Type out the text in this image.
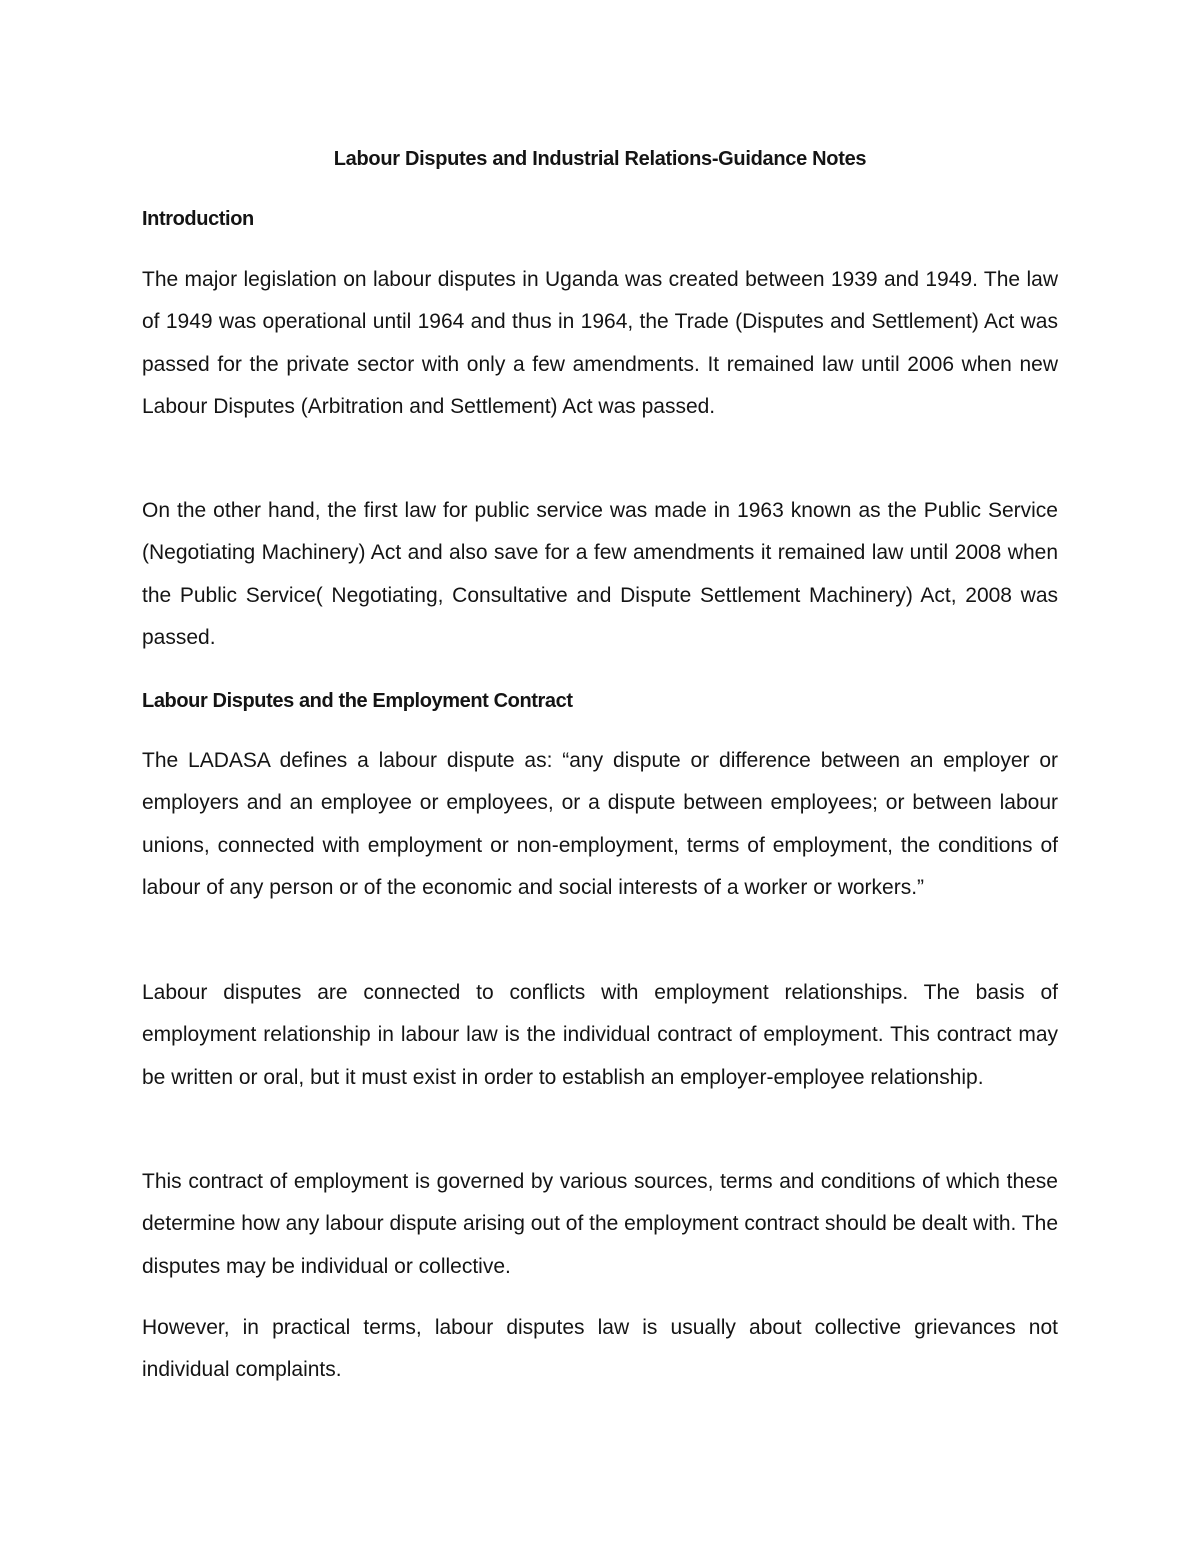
Labour Disputes and Industrial Relations-Guidance Notes
Introduction

The major legislation on labour disputes in Uganda was created between 1939 and 1949. The law of 1949 was operational until 1964 and thus in 1964, the Trade (Disputes and Settlement) Act was passed for the private sector with only a few amendments. It remained law until 2006 when new Labour Disputes (Arbitration and Settlement) Act was passed.

On the other hand, the first law for public service was made in 1963 known as the Public Service (Negotiating Machinery) Act and also save for a few amendments it remained law until 2008 when the Public Service( Negotiating, Consultative and Dispute Settlement Machinery) Act, 2008 was passed.

Labour Disputes and the Employment Contract

The LADASA defines a labour dispute as: “any dispute or difference between an employer or employers and an employee or employees, or a dispute between employees; or between labour unions, connected with employment or non-employment, terms of employment, the conditions of labour of any person or of the economic and social interests of a worker or workers.”

Labour disputes are connected to conflicts with employment relationships. The basis of employment relationship in labour law is the individual contract of employment. This contract may be written or oral, but it must exist in order to establish an employer-employee relationship.

This contract of employment is governed by various sources, terms and conditions of which these determine how any labour dispute arising out of the employment contract should be dealt with. The disputes may be individual or collective.

However, in practical terms, labour disputes law is usually about collective grievances not individual complaints.
